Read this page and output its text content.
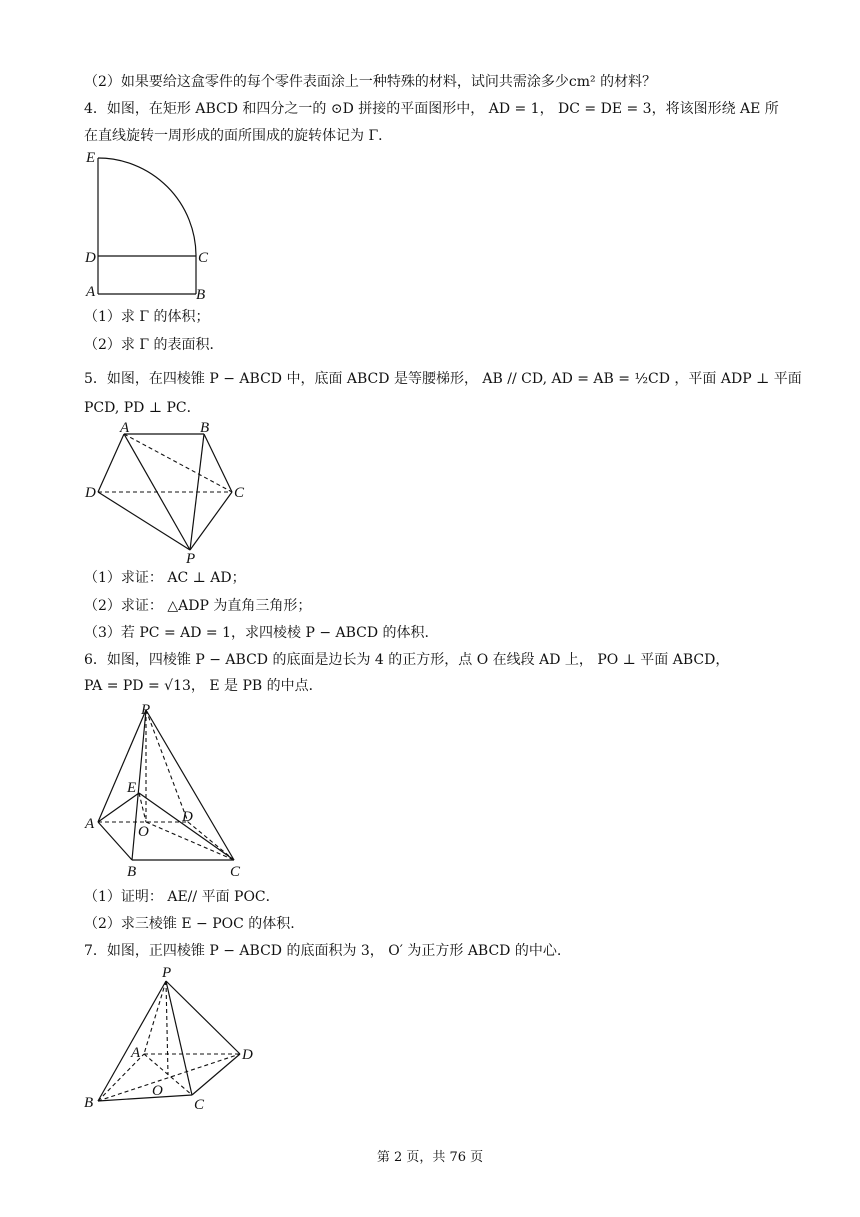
（2）如果要给这盒零件的每个零件表面涂上一种特殊的材料，试问共需涂多少cm² 的材料？
4．如图，在矩形 ABCD 和四分之一的 ⊙D 拼接的平面图形中， AD = 1， DC = DE = 3，将该图形绕 AE 所
在直线旋转一周形成的面所围成的旋转体记为 Γ．
E
D	C
A	B
（1）求 Γ 的体积；
（2）求 Γ 的表面积．
5．如图，在四棱锥 P − ABCD 中，底面 ABCD 是等腰梯形， AB // CD, AD = AB = ½CD ，平面 ADP ⊥ 平面
PCD, PD ⊥ PC．
A	B
C
D
P
（1）求证： AC ⊥ AD；
（2）求证： △ADP 为直角三角形；
（3）若 PC = AD = 1，求四棱棱 P − ABCD 的体积.
6．如图，四棱锥 P − ABCD 的底面是边长为 4 的正方形，点 O 在线段 AD 上， PO ⊥ 平面 ABCD，
PA = PD = √13， E 是 PB 的中点．
P
E
A	O
D
B	C
（1）证明： AE// 平面 POC．
（2）求三棱锥 E − POC 的体积.
7．如图，正四棱锥 P − ABCD 的底面积为 3， O′ 为正方形 ABCD 的中心.
P
A	D
O
B	C
第 2 页，共 76 页
